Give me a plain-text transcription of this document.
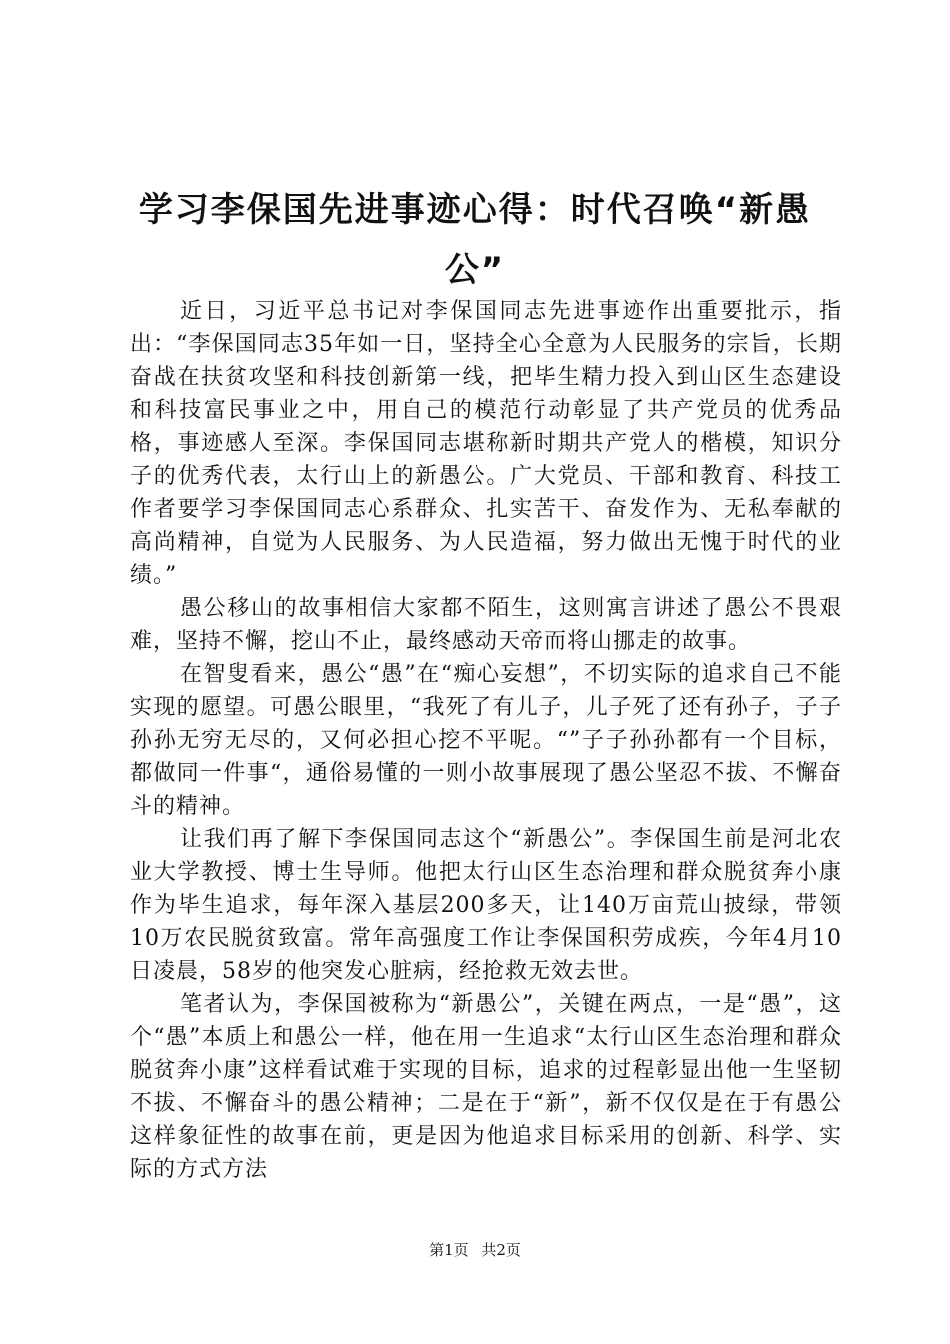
学习李保国先进事迹心得：时代召唤“新愚公”

近日，习近平总书记对李保国同志先进事迹作出重要批示，指出：“李保国同志35年如一日，坚持全心全意为人民服务的宗旨，长期奋战在扶贫攻坚和科技创新第一线，把毕生精力投入到山区生态建设和科技富民事业之中，用自己的模范行动彰显了共产党员的优秀品格，事迹感人至深。李保国同志堪称新时期共产党人的楷模，知识分子的优秀代表，太行山上的新愚公。广大党员、干部和教育、科技工作者要学习李保国同志心系群众、扎实苦干、奋发作为、无私奉献的高尚精神，自觉为人民服务、为人民造福，努力做出无愧于时代的业绩。”

愚公移山的故事相信大家都不陌生，这则寓言讲述了愚公不畏艰难，坚持不懈，挖山不止，最终感动天帝而将山挪走的故事。

在智叟看来，愚公“愚”在“痴心妄想”，不切实际的追求自己不能实现的愿望。可愚公眼里，“我死了有儿子，儿子死了还有孙子，子子孙孙无穷无尽的，又何必担心挖不平呢。“”子子孙孙都有一个目标，都做同一件事“，通俗易懂的一则小故事展现了愚公坚忍不拔、不懈奋斗的精神。

让我们再了解下李保国同志这个“新愚公”。李保国生前是河北农业大学教授、博士生导师。他把太行山区生态治理和群众脱贫奔小康作为毕生追求，每年深入基层200多天，让140万亩荒山披绿，带领10万农民脱贫致富。常年高强度工作让李保国积劳成疾，今年4月10日凌晨，58岁的他突发心脏病，经抢救无效去世。

笔者认为，李保国被称为“新愚公”，关键在两点，一是“愚”，这个“愚”本质上和愚公一样，他在用一生追求“太行山区生态治理和群众脱贫奔小康”这样看试难于实现的目标，追求的过程彰显出他一生坚韧不拔、不懈奋斗的愚公精神；二是在于“新”，新不仅仅是在于有愚公这样象征性的故事在前，更是因为他追求目标采用的创新、科学、实际的方式方法

第1页 共2页
